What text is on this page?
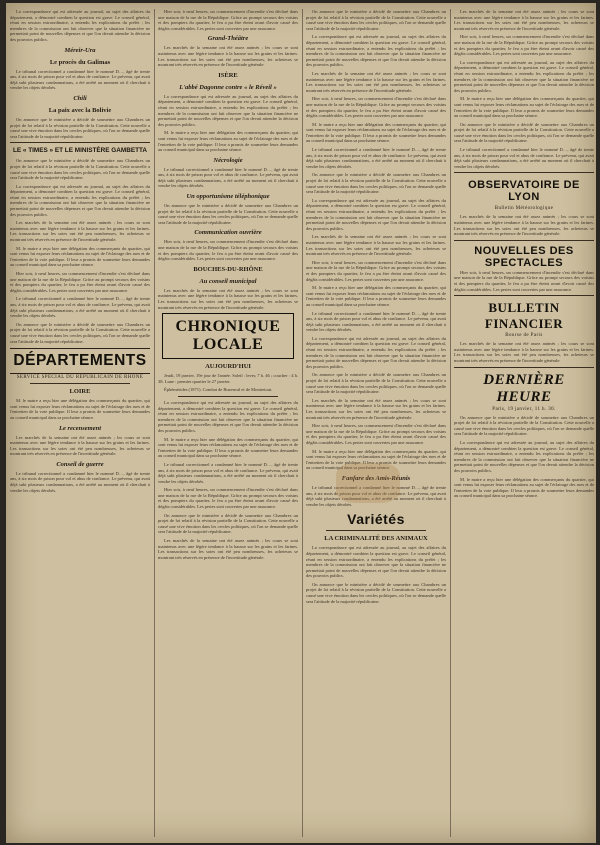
La correspondance qui est adressée au journal, au sujet des affaires du département, a démontré combien la question est grave. Le conseil général, réuni en session extraordinaire, a entendu les explications du préfet ; les membres de la commission ont fait observer que la situation financière ne permettait point de nouvelles dépenses et que l'on devait attendre la décision des pouvoirs publics.

Méreir-Ura

Le procès du Galimas

Le tribunal correctionnel a condamné hier le nommé D…, âgé de trente ans, à six mois de prison pour vol et abus de confiance. Le prévenu, qui avait déjà subi plusieurs condamnations, a été arrêté au moment où il cherchait à vendre les objets dérobés.

Chili

La paix avec la Bolivie

On annonce que le ministère a décidé de soumettre aux Chambres un projet de loi relatif à la révision partielle de la Constitution. Cette nouvelle a causé une vive émotion dans les cercles politiques, où l'on se demande quelle sera l'attitude de la majorité républicaine.

LE « TIMES » ET LE MINISTÈRE GAMBETTA

On annonce que le ministère a décidé de soumettre aux Chambres un projet de loi relatif à la révision partielle de la Constitution. Cette nouvelle a causé une vive émotion dans les cercles politiques, où l'on se demande quelle sera l'attitude de la majorité républicaine.

La correspondance qui est adressée au journal, au sujet des affaires du département, a démontré combien la question est grave. Le conseil général, réuni en session extraordinaire, a entendu les explications du préfet ; les membres de la commission ont fait observer que la situation financière ne permettait point de nouvelles dépenses et que l'on devait attendre la décision des pouvoirs publics.

Les marchés de la semaine ont été assez animés ; les cours se sont maintenus avec une légère tendance à la hausse sur les grains et les farines. Les transactions sur les soies ont été peu nombreuses, les acheteurs se montrant très réservés en présence de l'incertitude générale.

M. le maire a reçu hier une délégation des commerçants du quartier, qui sont venus lui exposer leurs réclamations au sujet de l'éclairage des rues et de l'entretien de la voie publique. Il leur a promis de soumettre leurs demandes au conseil municipal dans sa prochaine séance.

Hier soir, à neuf heures, un commencement d'incendie s'est déclaré dans une maison de la rue de la République. Grâce au prompt secours des voisins et des pompiers du quartier, le feu a pu être éteint avant d'avoir causé des dégâts considérables. Les pertes sont couvertes par une assurance.

Le tribunal correctionnel a condamné hier le nommé D…, âgé de trente ans, à six mois de prison pour vol et abus de confiance. Le prévenu, qui avait déjà subi plusieurs condamnations, a été arrêté au moment où il cherchait à vendre les objets dérobés.

On annonce que le ministère a décidé de soumettre aux Chambres un projet de loi relatif à la révision partielle de la Constitution. Cette nouvelle a causé une vive émotion dans les cercles politiques, où l'on se demande quelle sera l'attitude de la majorité républicaine.

DÉPARTEMENTS

SERVICE SPÉCIAL DU RÉPUBLICAIN DE RHÔNE

LOIRE

M. le maire a reçu hier une délégation des commerçants du quartier, qui sont venus lui exposer leurs réclamations au sujet de l'éclairage des rues et de l'entretien de la voie publique. Il leur a promis de soumettre leurs demandes au conseil municipal dans sa prochaine séance.

Le recensement

Les marchés de la semaine ont été assez animés ; les cours se sont maintenus avec une légère tendance à la hausse sur les grains et les farines. Les transactions sur les soies ont été peu nombreuses, les acheteurs se montrant très réservés en présence de l'incertitude générale.

Conseil de guerre

Le tribunal correctionnel a condamné hier le nommé D…, âgé de trente ans, à six mois de prison pour vol et abus de confiance. Le prévenu, qui avait déjà subi plusieurs condamnations, a été arrêté au moment où il cherchait à vendre les objets dérobés.

Hier soir, à neuf heures, un commencement d'incendie s'est déclaré dans une maison de la rue de la République. Grâce au prompt secours des voisins et des pompiers du quartier, le feu a pu être éteint avant d'avoir causé des dégâts considérables. Les pertes sont couvertes par une assurance.

Grand-Théâtre

Les marchés de la semaine ont été assez animés ; les cours se sont maintenus avec une légère tendance à la hausse sur les grains et les farines. Les transactions sur les soies ont été peu nombreuses, les acheteurs se montrant très réservés en présence de l'incertitude générale.

ISÈRE

L'abbé Dagonne contre « le Réveil »

La correspondance qui est adressée au journal, au sujet des affaires du département, a démontré combien la question est grave. Le conseil général, réuni en session extraordinaire, a entendu les explications du préfet ; les membres de la commission ont fait observer que la situation financière ne permettait point de nouvelles dépenses et que l'on devait attendre la décision des pouvoirs publics.

M. le maire a reçu hier une délégation des commerçants du quartier, qui sont venus lui exposer leurs réclamations au sujet de l'éclairage des rues et de l'entretien de la voie publique. Il leur a promis de soumettre leurs demandes au conseil municipal dans sa prochaine séance.

Nécrologie

Le tribunal correctionnel a condamné hier le nommé D…, âgé de trente ans, à six mois de prison pour vol et abus de confiance. Le prévenu, qui avait déjà subi plusieurs condamnations, a été arrêté au moment où il cherchait à vendre les objets dérobés.

Un opportunisme téléphonique

On annonce que le ministère a décidé de soumettre aux Chambres un projet de loi relatif à la révision partielle de la Constitution. Cette nouvelle a causé une vive émotion dans les cercles politiques, où l'on se demande quelle sera l'attitude de la majorité républicaine.

Communication ouvrière

Hier soir, à neuf heures, un commencement d'incendie s'est déclaré dans une maison de la rue de la République. Grâce au prompt secours des voisins et des pompiers du quartier, le feu a pu être éteint avant d'avoir causé des dégâts considérables. Les pertes sont couvertes par une assurance.

BOUCHES-DU-RHÔNE

Au conseil municipal

Les marchés de la semaine ont été assez animés ; les cours se sont maintenus avec une légère tendance à la hausse sur les grains et les farines. Les transactions sur les soies ont été peu nombreuses, les acheteurs se montrant très réservés en présence de l'incertitude générale.

CHRONIQUE LOCALE

AUJOURD'HUI

Jeudi, 19 janvier, 19e jour de l'année. Soleil : lever, 7 h. 46 ; coucher : 4 h. 38. Lune : premier quartier le 27 janvier.

Éphémérides (1871). Combat de Buzenval et de Montretout.

La correspondance qui est adressée au journal, au sujet des affaires du département, a démontré combien la question est grave. Le conseil général, réuni en session extraordinaire, a entendu les explications du préfet ; les membres de la commission ont fait observer que la situation financière ne permettait point de nouvelles dépenses et que l'on devait attendre la décision des pouvoirs publics.

M. le maire a reçu hier une délégation des commerçants du quartier, qui sont venus lui exposer leurs réclamations au sujet de l'éclairage des rues et de l'entretien de la voie publique. Il leur a promis de soumettre leurs demandes au conseil municipal dans sa prochaine séance.

Le tribunal correctionnel a condamné hier le nommé D…, âgé de trente ans, à six mois de prison pour vol et abus de confiance. Le prévenu, qui avait déjà subi plusieurs condamnations, a été arrêté au moment où il cherchait à vendre les objets dérobés.

Hier soir, à neuf heures, un commencement d'incendie s'est déclaré dans une maison de la rue de la République. Grâce au prompt secours des voisins et des pompiers du quartier, le feu a pu être éteint avant d'avoir causé des dégâts considérables. Les pertes sont couvertes par une assurance.

On annonce que le ministère a décidé de soumettre aux Chambres un projet de loi relatif à la révision partielle de la Constitution. Cette nouvelle a causé une vive émotion dans les cercles politiques, où l'on se demande quelle sera l'attitude de la majorité républicaine.

Les marchés de la semaine ont été assez animés ; les cours se sont maintenus avec une légère tendance à la hausse sur les grains et les farines. Les transactions sur les soies ont été peu nombreuses, les acheteurs se montrant très réservés en présence de l'incertitude générale.

On annonce que le ministère a décidé de soumettre aux Chambres un projet de loi relatif à la révision partielle de la Constitution. Cette nouvelle a causé une vive émotion dans les cercles politiques, où l'on se demande quelle sera l'attitude de la majorité républicaine.

La correspondance qui est adressée au journal, au sujet des affaires du département, a démontré combien la question est grave. Le conseil général, réuni en session extraordinaire, a entendu les explications du préfet ; les membres de la commission ont fait observer que la situation financière ne permettait point de nouvelles dépenses et que l'on devait attendre la décision des pouvoirs publics.

Les marchés de la semaine ont été assez animés ; les cours se sont maintenus avec une légère tendance à la hausse sur les grains et les farines. Les transactions sur les soies ont été peu nombreuses, les acheteurs se montrant très réservés en présence de l'incertitude générale.

Hier soir, à neuf heures, un commencement d'incendie s'est déclaré dans une maison de la rue de la République. Grâce au prompt secours des voisins et des pompiers du quartier, le feu a pu être éteint avant d'avoir causé des dégâts considérables. Les pertes sont couvertes par une assurance.

M. le maire a reçu hier une délégation des commerçants du quartier, qui sont venus lui exposer leurs réclamations au sujet de l'éclairage des rues et de l'entretien de la voie publique. Il leur a promis de soumettre leurs demandes au conseil municipal dans sa prochaine séance.

Le tribunal correctionnel a condamné hier le nommé D…, âgé de trente ans, à six mois de prison pour vol et abus de confiance. Le prévenu, qui avait déjà subi plusieurs condamnations, a été arrêté au moment où il cherchait à vendre les objets dérobés.

On annonce que le ministère a décidé de soumettre aux Chambres un projet de loi relatif à la révision partielle de la Constitution. Cette nouvelle a causé une vive émotion dans les cercles politiques, où l'on se demande quelle sera l'attitude de la majorité républicaine.

La correspondance qui est adressée au journal, au sujet des affaires du département, a démontré combien la question est grave. Le conseil général, réuni en session extraordinaire, a entendu les explications du préfet ; les membres de la commission ont fait observer que la situation financière ne permettait point de nouvelles dépenses et que l'on devait attendre la décision des pouvoirs publics.

Les marchés de la semaine ont été assez animés ; les cours se sont maintenus avec une légère tendance à la hausse sur les grains et les farines. Les transactions sur les soies ont été peu nombreuses, les acheteurs se montrant très réservés en présence de l'incertitude générale.

Hier soir, à neuf heures, un commencement d'incendie s'est déclaré dans une maison de la rue de la République. Grâce au prompt secours des voisins et des pompiers du quartier, le feu a pu être éteint avant d'avoir causé des dégâts considérables. Les pertes sont couvertes par une assurance.

M. le maire a reçu hier une délégation des commerçants du quartier, qui sont venus lui exposer leurs réclamations au sujet de l'éclairage des rues et de l'entretien de la voie publique. Il leur a promis de soumettre leurs demandes au conseil municipal dans sa prochaine séance.

Le tribunal correctionnel a condamné hier le nommé D…, âgé de trente ans, à six mois de prison pour vol et abus de confiance. Le prévenu, qui avait déjà subi plusieurs condamnations, a été arrêté au moment où il cherchait à vendre les objets dérobés.

La correspondance qui est adressée au journal, au sujet des affaires du département, a démontré combien la question est grave. Le conseil général, réuni en session extraordinaire, a entendu les explications du préfet ; les membres de la commission ont fait observer que la situation financière ne permettait point de nouvelles dépenses et que l'on devait attendre la décision des pouvoirs publics.

On annonce que le ministère a décidé de soumettre aux Chambres un projet de loi relatif à la révision partielle de la Constitution. Cette nouvelle a causé une vive émotion dans les cercles politiques, où l'on se demande quelle sera l'attitude de la majorité républicaine.

Les marchés de la semaine ont été assez animés ; les cours se sont maintenus avec une légère tendance à la hausse sur les grains et les farines. Les transactions sur les soies ont été peu nombreuses, les acheteurs se montrant très réservés en présence de l'incertitude générale.

Hier soir, à neuf heures, un commencement d'incendie s'est déclaré dans une maison de la rue de la République. Grâce au prompt secours des voisins et des pompiers du quartier, le feu a pu être éteint avant d'avoir causé des dégâts considérables. Les pertes sont couvertes par une assurance.

M. le maire a reçu hier une délégation des commerçants du quartier, qui sont venus lui exposer leurs réclamations au sujet de l'éclairage des rues et de l'entretien de la voie publique. Il leur a promis de soumettre leurs demandes au conseil municipal dans sa prochaine séance.

Fanfare des Amis-Réunis

Le tribunal correctionnel a condamné hier le nommé D…, âgé de trente ans, à six mois de prison pour vol et abus de confiance. Le prévenu, qui avait déjà subi plusieurs condamnations, a été arrêté au moment où il cherchait à vendre les objets dérobés.

Variétés

LA CRIMINALITÉ DES ANIMAUX

La correspondance qui est adressée au journal, au sujet des affaires du département, a démontré combien la question est grave. Le conseil général, réuni en session extraordinaire, a entendu les explications du préfet ; les membres de la commission ont fait observer que la situation financière ne permettait point de nouvelles dépenses et que l'on devait attendre la décision des pouvoirs publics.

On annonce que le ministère a décidé de soumettre aux Chambres un projet de loi relatif à la révision partielle de la Constitution. Cette nouvelle a causé une vive émotion dans les cercles politiques, où l'on se demande quelle sera l'attitude de la majorité républicaine.

Les marchés de la semaine ont été assez animés ; les cours se sont maintenus avec une légère tendance à la hausse sur les grains et les farines. Les transactions sur les soies ont été peu nombreuses, les acheteurs se montrant très réservés en présence de l'incertitude générale.

Hier soir, à neuf heures, un commencement d'incendie s'est déclaré dans une maison de la rue de la République. Grâce au prompt secours des voisins et des pompiers du quartier, le feu a pu être éteint avant d'avoir causé des dégâts considérables. Les pertes sont couvertes par une assurance.

La correspondance qui est adressée au journal, au sujet des affaires du département, a démontré combien la question est grave. Le conseil général, réuni en session extraordinaire, a entendu les explications du préfet ; les membres de la commission ont fait observer que la situation financière ne permettait point de nouvelles dépenses et que l'on devait attendre la décision des pouvoirs publics.

M. le maire a reçu hier une délégation des commerçants du quartier, qui sont venus lui exposer leurs réclamations au sujet de l'éclairage des rues et de l'entretien de la voie publique. Il leur a promis de soumettre leurs demandes au conseil municipal dans sa prochaine séance.

On annonce que le ministère a décidé de soumettre aux Chambres un projet de loi relatif à la révision partielle de la Constitution. Cette nouvelle a causé une vive émotion dans les cercles politiques, où l'on se demande quelle sera l'attitude de la majorité républicaine.

Le tribunal correctionnel a condamné hier le nommé D…, âgé de trente ans, à six mois de prison pour vol et abus de confiance. Le prévenu, qui avait déjà subi plusieurs condamnations, a été arrêté au moment où il cherchait à vendre les objets dérobés.

OBSERVATOIRE DE LYON

Bulletin Météorologique

Les marchés de la semaine ont été assez animés ; les cours se sont maintenus avec une légère tendance à la hausse sur les grains et les farines. Les transactions sur les soies ont été peu nombreuses, les acheteurs se montrant très réservés en présence de l'incertitude générale.

NOUVELLES DES SPECTACLES

Hier soir, à neuf heures, un commencement d'incendie s'est déclaré dans une maison de la rue de la République. Grâce au prompt secours des voisins et des pompiers du quartier, le feu a pu être éteint avant d'avoir causé des dégâts considérables. Les pertes sont couvertes par une assurance.

BULLETIN FINANCIER

Bourse de Paris

Les marchés de la semaine ont été assez animés ; les cours se sont maintenus avec une légère tendance à la hausse sur les grains et les farines. Les transactions sur les soies ont été peu nombreuses, les acheteurs se montrant très réservés en présence de l'incertitude générale.

DERNIÈRE HEURE

Paris, 19 janvier, 11 h. 30.

On annonce que le ministère a décidé de soumettre aux Chambres un projet de loi relatif à la révision partielle de la Constitution. Cette nouvelle a causé une vive émotion dans les cercles politiques, où l'on se demande quelle sera l'attitude de la majorité républicaine.

La correspondance qui est adressée au journal, au sujet des affaires du département, a démontré combien la question est grave. Le conseil général, réuni en session extraordinaire, a entendu les explications du préfet ; les membres de la commission ont fait observer que la situation financière ne permettait point de nouvelles dépenses et que l'on devait attendre la décision des pouvoirs publics.

M. le maire a reçu hier une délégation des commerçants du quartier, qui sont venus lui exposer leurs réclamations au sujet de l'éclairage des rues et de l'entretien de la voie publique. Il leur a promis de soumettre leurs demandes au conseil municipal dans sa prochaine séance.
